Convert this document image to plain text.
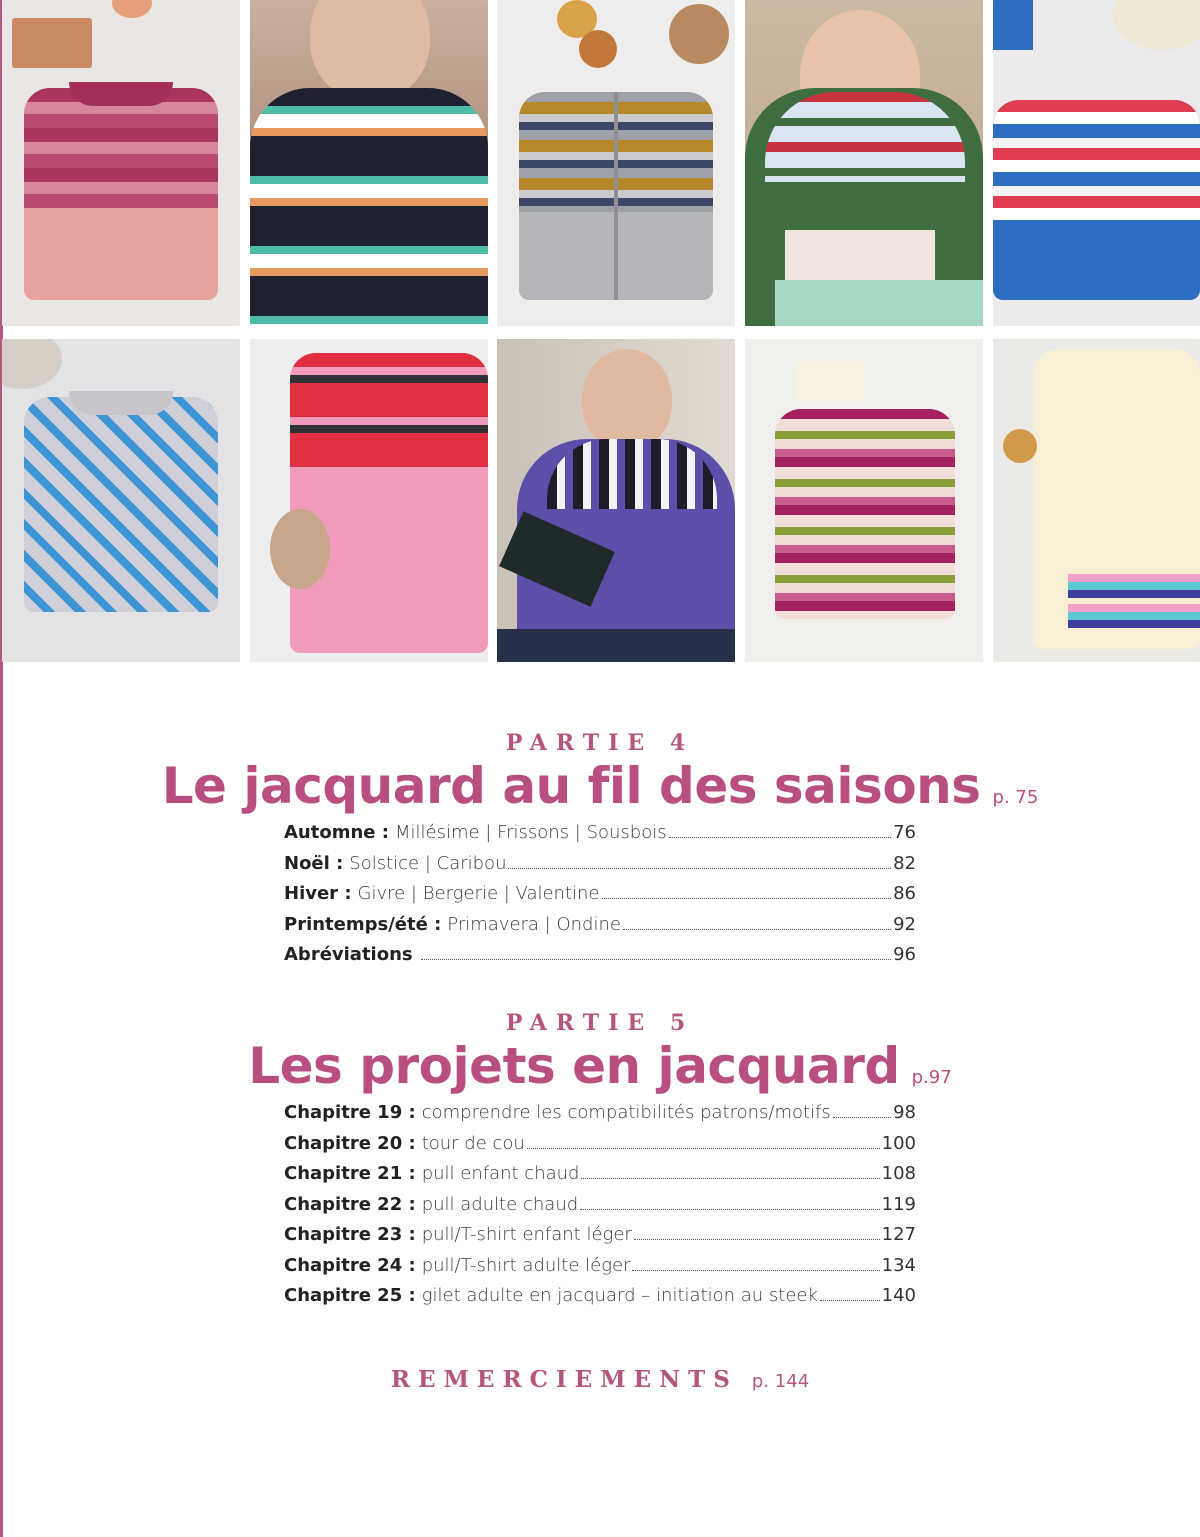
PARTIE 4
Le jacquard au fil des saisons p. 75
Automne : Millésime | Frissons | Sousbois	76
Noël : Solstice | Caribou	82
Hiver : Givre | Bergerie | Valentine	86
Printemps/été : Primavera | Ondine	92
Abréviations	96
PARTIE 5
Les projets en jacquard p.97
Chapitre 19 : comprendre les compatibilités patrons/motifs	98
Chapitre 20 : tour de cou	100
Chapitre 21 : pull enfant chaud	108
Chapitre 22 : pull adulte chaud	119
Chapitre 23 : pull/T-shirt enfant léger	127
Chapitre 24 : pull/T-shirt adulte léger	134
Chapitre 25 : gilet adulte en jacquard – initiation au steek	140
REMERCIEMENTS p. 144
